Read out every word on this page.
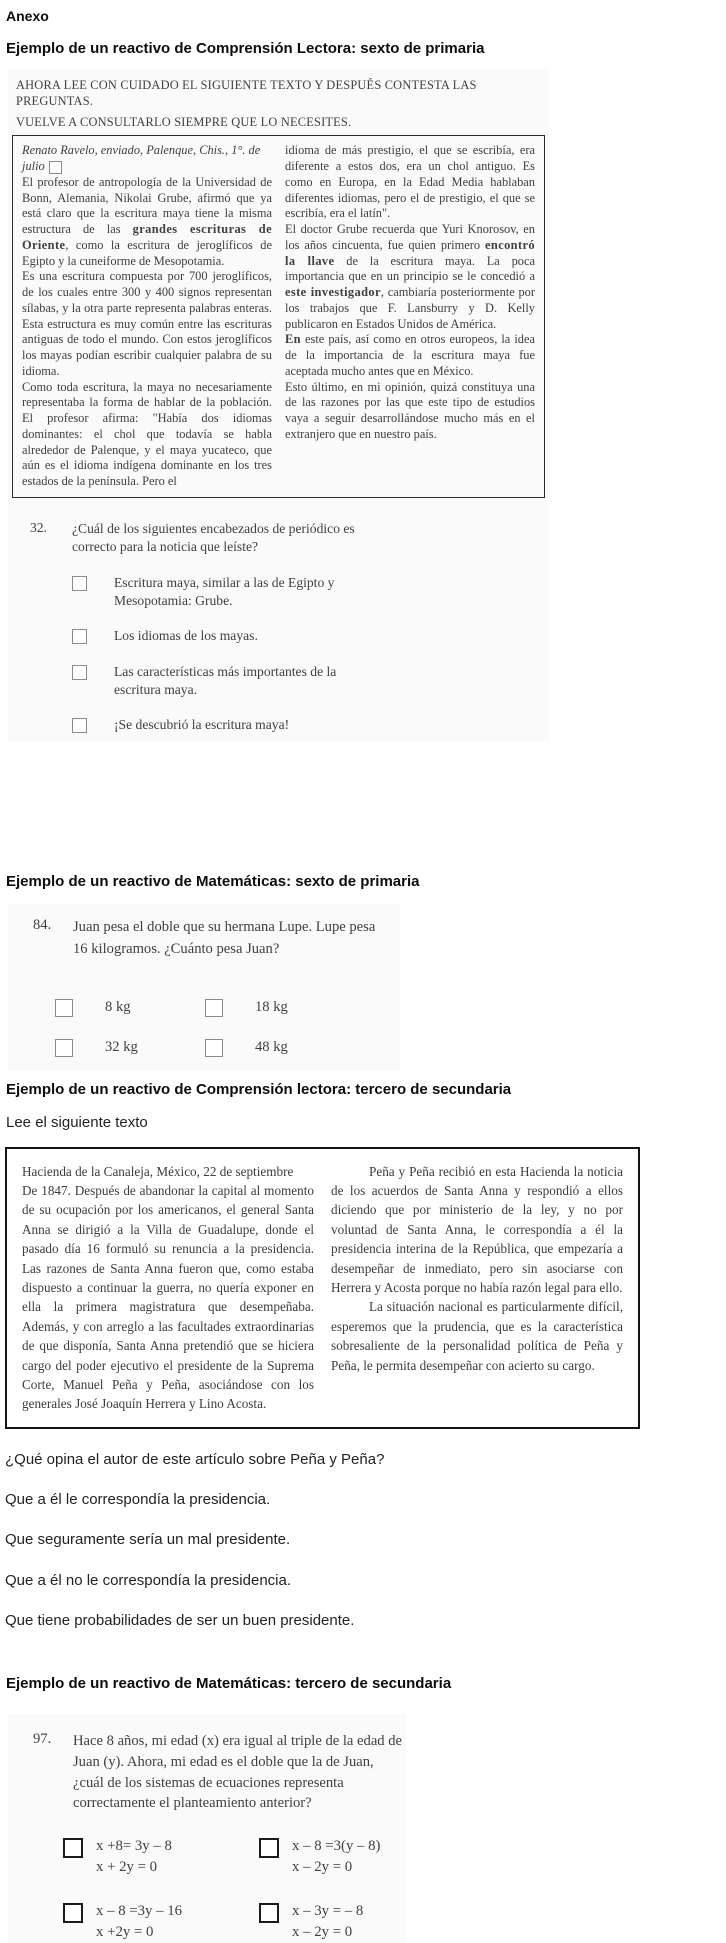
Anexo
Ejemplo de un reactivo de Comprensión Lectora: sexto de primaria
AHORA LEE CON CUIDADO EL SIGUIENTE TEXTO Y DESPUÉS CONTESTA LAS PREGUNTAS.
VUELVE A CONSULTARLO SIEMPRE QUE LO NECESITES.

Renato Ravelo, enviado, Palenque, Chis., 1°. de julio

El profesor de antropología de la Universidad de Bonn, Alemania, Nikolai Grube, afirmó que ya está claro que la escritura maya tiene la misma estructura de las grandes escrituras de Oriente, como la escritura de jeroglíficos de Egipto y la cuneiforme de Mesopotamia.

Es una escritura compuesta por 700 jeroglíficos, de los cuales entre 300 y 400 signos representan sílabas, y la otra parte representa palabras enteras. Esta estructura es muy común entre las escrituras antiguas de todo el mundo. Con estos jeroglíficos los mayas podían escribir cualquier palabra de su idioma.

Como toda escritura, la maya no necesariamente representaba la forma de hablar de la población. El profesor afirma: "Había dos idiomas dominantes: el chol que todavía se habla alrededor de Palenque, y el maya yucateco, que aún es el idioma indígena dominante en los tres estados de la península. Pero el

idioma de más prestigio, el que se escribía, era diferente a estos dos, era un chol antiguo. Es como en Europa, en la Edad Media hablaban diferentes idiomas, pero el de prestigio, el que se escribía, era el latín".

El doctor Grube recuerda que Yuri Knorosov, en los años cincuenta, fue quien primero encontró la llave de la escritura maya. La poca importancia que en un principio se le concedió a este investigador, cambiaría posteriormente por los trabajos que F. Lansburry y D. Kelly publicaron en Estados Unidos de América.

En este país, así como en otros europeos, la idea de la importancia de la escritura maya fue aceptada mucho antes que en México.

Esto último, en mi opinión, quizá constituya una de las razones por las que este tipo de estudios vaya a seguir desarrollándose mucho más en el extranjero que en nuestro país.

32.	¿Cuál de los siguientes encabezados de periódico es correcto para la noticia que leíste?
Escritura maya, similar a las de Egipto y Mesopotamia: Grube.
Los idiomas de los mayas.
Las características más importantes de la escritura maya.
¡Se descubrió la escritura maya!
Ejemplo de un reactivo de Matemáticas: sexto de primaria
84.	Juan pesa el doble que su hermana Lupe. Lupe pesa 16 kilogramos. ¿Cuánto pesa Juan?
8 kg	18 kg
32 kg	48 kg
Ejemplo de un reactivo de Comprensión lectora: tercero de secundaria
Lee el siguiente texto

Hacienda de la Canaleja, México, 22 de septiembre

De 1847. Después de abandonar la capital al momento de su ocupación por los americanos, el general Santa Anna se dirigió a la Villa de Guadalupe, donde el pasado día 16 formuló su renuncia a la presidencia. Las razones de Santa Anna fueron que, como estaba dispuesto a continuar la guerra, no quería exponer en ella la primera magistratura que desempeñaba. Además, y con arreglo a las facultades extraordinarias de que disponía, Santa Anna pretendió que se hiciera cargo del poder ejecutivo el presidente de la Suprema Corte, Manuel Peña y Peña, asociándose con los generales José Joaquín Herrera y Lino Acosta.

Peña y Peña recibió en esta Hacienda la noticia de los acuerdos de Santa Anna y respondió a ellos diciendo que por ministerio de la ley, y no por voluntad de Santa Anna, le correspondía a él la presidencia interina de la República, que empezaría a desempeñar de inmediato, pero sin asociarse con Herrera y Acosta porque no había razón legal para ello.

La situación nacional es particularmente difícil, esperemos que la prudencia, que es la característica sobresaliente de la personalidad política de Peña y Peña, le permita desempeñar con acierto su cargo.

¿Qué opina el autor de este artículo sobre Peña y Peña?
Que a él le correspondía la presidencia.
Que seguramente sería un mal presidente.
Que a él no le correspondía la presidencia.
Que tiene probabilidades de ser un buen presidente.
Ejemplo de un reactivo de Matemáticas: tercero de secundaria
97.	Hace 8 años, mi edad (x) era igual al triple de la edad de Juan (y). Ahora, mi edad es el doble que la de Juan, ¿cuál de los sistemas de ecuaciones representa correctamente el planteamiento anterior?
x +8= 3y – 8
x + 2y = 0
x – 8 =3(y – 8)
x – 2y = 0
x – 8 =3y – 16
x +2y = 0
x – 3y = – 8
x – 2y = 0
